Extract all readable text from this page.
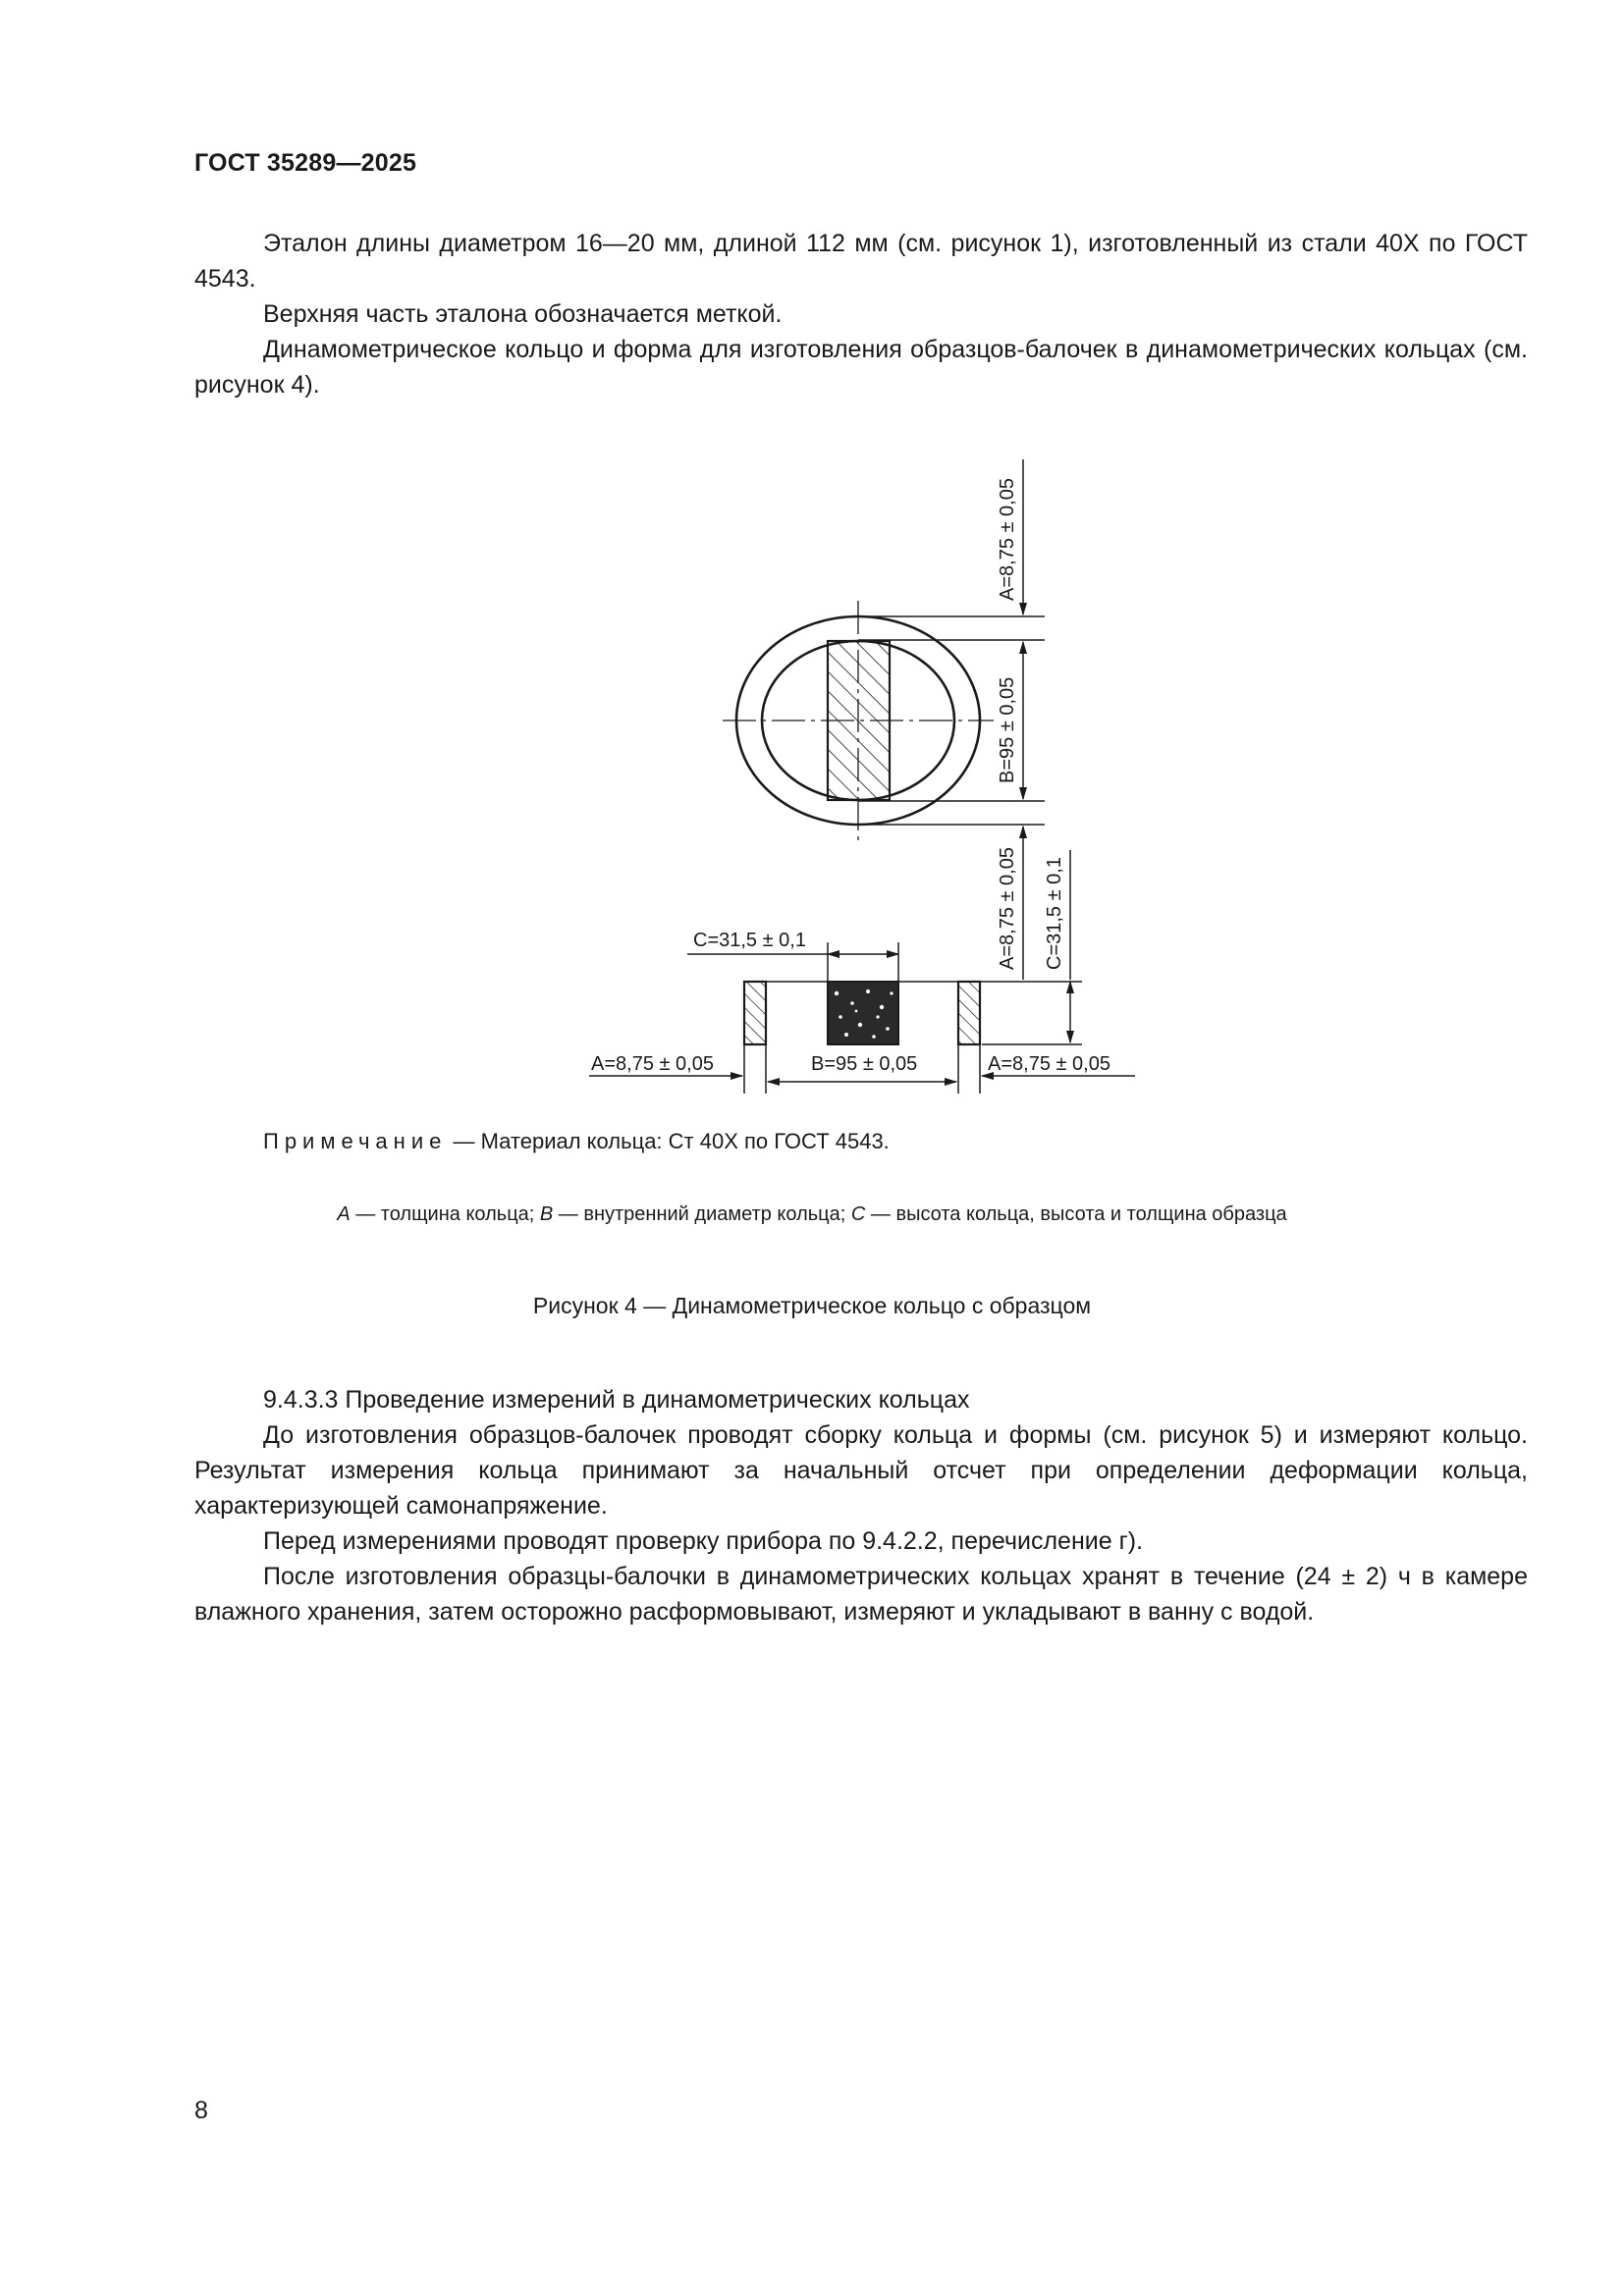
ГОСТ 35289—2025

Эталон длины диаметром 16—20 мм, длиной 112 мм (см. рисунок 1), изготовленный из стали 40Х по ГОСТ 4543.

Верхняя часть эталона обозначается меткой.

Динамометрическое кольцо и форма для изготовления образцов-балочек в динамометрических кольцах (см. рисунок 4).

A=8,75 ± 0,05
B=95 ± 0,05
A=8,75 ± 0,05 C=31,5 ± 0,1
C=31,5 ± 0,1
A=8,75 ± 0,05	B=95 ± 0,05	A=8,75 ± 0,05
Примечание — Материал кольца: Ст 40Х по ГОСТ 4543.
A — толщина кольца; B — внутренний диаметр кольца; C — высота кольца, высота и толщина образца
Рисунок 4 — Динамометрическое кольцо с образцом

9.4.3.3 Проведение измерений в динамометрических кольцах

До изготовления образцов-балочек проводят сборку кольца и формы (см. рисунок 5) и измеряют кольцо. Результат измерения кольца принимают за начальный отсчет при определении деформации кольца, характеризующей самонапряжение.

Перед измерениями проводят проверку прибора по 9.4.2.2, перечисление г).

После изготовления образцы-балочки в динамометрических кольцах хранят в течение (24 ± 2) ч в камере влажного хранения, затем осторожно расформовывают, измеряют и укладывают в ванну с водой.

8
